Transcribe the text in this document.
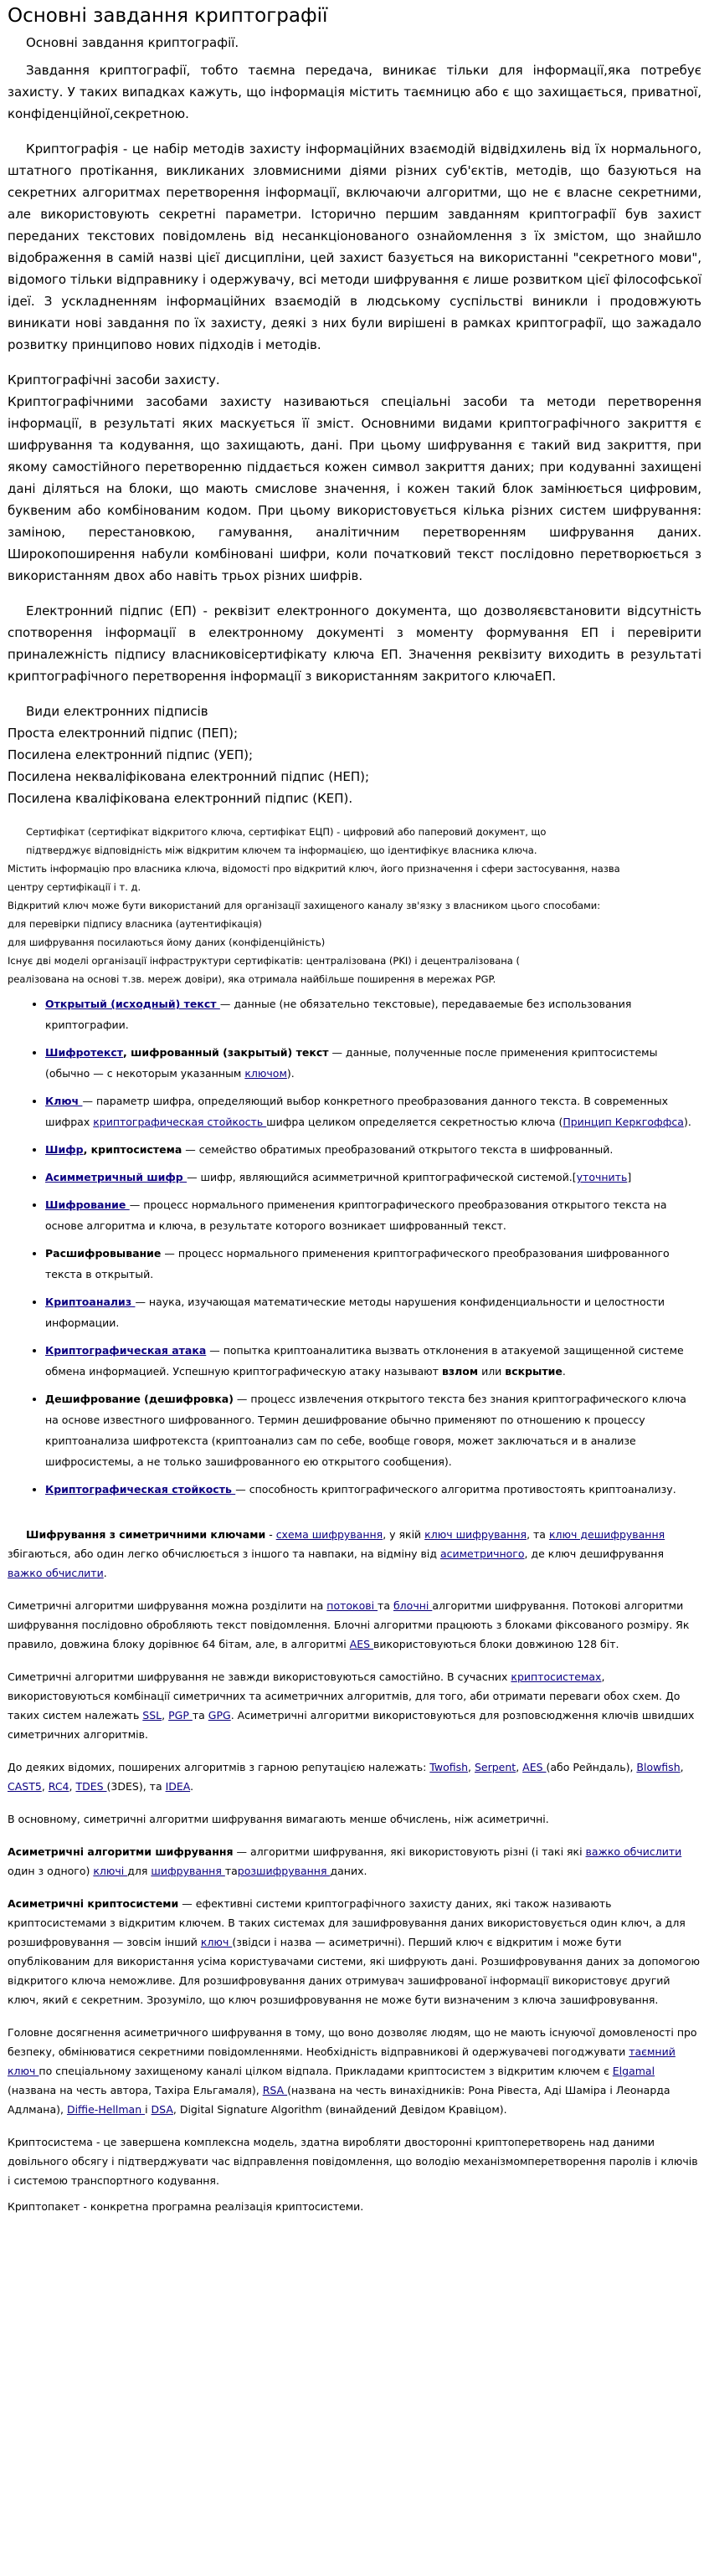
Основні завдання криптографії
Основні завдання криптографії.

Завдання криптографії, тобто таємна передача, виникає тільки для інформації,яка потребує захисту. У таких випадках кажуть, що інформація містить таємницю або є що захищається, приватної, конфіденційної,секретною.

Криптографія - це набір методів захисту інформаційних взаємодій відвідхилень від їх нормального, штатного протікання, викликаних зловмисними діями різних суб'єктів, методів, що базуються на секретних алгоритмах перетворення інформації, включаючи алгоритми, що не є власне секретними, але використовують секретні параметри. Історично першим завданням криптографії був захист переданих текстових повідомлень від несанкціонованого ознайомлення з їх змістом, що знайшло відображення в самій назві цієї дисципліни, цей захист базується на використанні "секретного мови", відомого тільки відправнику і одержувачу, всі методи шифрування є лише розвитком цієї філософської ідеї. З ускладненням інформаційних взаємодій в людському суспільстві виникли і продовжують виникати нові завдання по їх захисту, деякі з них були вирішені в рамках криптографії, що зажадало розвитку принципово нових підходів і методів.

Криптографічні засоби захисту.

Криптографічними засобами захисту називаються спеціальні засоби та методи перетворення інформації, в результаті яких маскується її зміст. Основними видами криптографічного закриття є шифрування та кодування, що захищають, дані. При цьому шифрування є такий вид закриття, при якому самостійного перетворенню піддається кожен символ закриття даних; при кодуванні захищені дані діляться на блоки, що мають смислове значення, і кожен такий блок замінюється цифровим, буквеним або комбінованим кодом. При цьому використовується кілька різних систем шифрування: заміною, перестановкою, гамування, аналітичним перетворенням шифрування даних. Широкопоширення набули комбіновані шифри, коли початковий текст послідовно перетворюється з використанням двох або навіть трьох різних шифрів.

Електронний підпис (ЕП) - реквізит електронного документа, що дозволяєвстановити відсутність спотворення інформації в електронному документі з моменту формування ЕП і перевірити приналежність підпису власниковісертифікату ключа ЕП. Значення реквізиту виходить в результаті криптографічного перетворення інформації з використанням закритого ключаЕП.

Види електронних підписів

Проста електронний підпис (ПЕП);

Посилена електронний підпис (УЕП);

Посилена некваліфікована електронний підпис (НЕП);

Посилена кваліфікована електронний підпис (КЕП).

Сертифікат (сертифікат відкритого ключа, сертифікат ЕЦП) - цифровий або паперовий документ, що

підтверджує відповідність між відкритим ключем та інформацією, що ідентифікує власника ключа.

Містить інформацію про власника ключа, відомості про відкритий ключ, його призначення і сфери застосування, назва

центру сертифікації і т. д.

Відкритий ключ може бути використаний для організації захищеного каналу зв'язку з власником цього способами:

для перевірки підпису власника (аутентифікація)

для шифрування посилаються йому даних (конфіденційність)

Існує дві моделі організації інфраструктури сертифікатів: централізована (PKI) і децентралізована (

реалізована на основі т.зв. мереж довіри), яка отримала найбільше поширення в мережах PGP.

• Открытый (исходный) текст — данные (не обязательно текстовые), передаваемые без использования криптографии.
• Шифротекст, шифрованный (закрытый) текст — данные, полученные после применения криптосистемы (обычно — с некоторым указанным ключом).
• Ключ — параметр шифра, определяющий выбор конкретного преобразования данного текста. В современных шифрах криптографическая стойкость шифра целиком определяется секретностью ключа (Принцип Керкгоффса).
• Шифр, криптосистема — семейство обратимых преобразований открытого текста в шифрованный.
• Асимметричный шифр — шифр, являющийся асимметричной криптографической системой.[уточнить]
• Шифрование — процесс нормального применения криптографического преобразования открытого текста на основе алгоритма и ключа, в результате которого возникает шифрованный текст.
• Расшифровывание — процесс нормального применения криптографического преобразования шифрованного текста в открытый.
• Криптоанализ — наука, изучающая математические методы нарушения конфиденциальности и целостности информации.
• Криптографическая атака — попытка криптоаналитика вызвать отклонения в атакуемой защищенной системе обмена информацией. Успешную криптографическую атаку называют взлом или вскрытие.
• Дешифрование (дешифровка) — процесс извлечения открытого текста без знания криптографического ключа на основе известного шифрованного. Термин дешифрование обычно применяют по отношению к процессу криптоанализа шифротекста (криптоанализ сам по себе, вообще говоря, может заключаться и в анализе шифросистемы, а не только зашифрованного ею открытого сообщения).
• Криптографическая стойкость — способность криптографического алгоритма противостоять криптоанализу.

Шифрування з симетричними ключами - схема шифрування, у якій ключ шифрування, та ключ дешифрування збігаються, або один легко обчислюється з іншого та навпаки, на відміну від асиметричного, де ключ дешифрування важко обчислити.

Симетричні алгоритми шифрування можна розділити на потокові та блочні алгоритми шифрування. Потокові алгоритми шифрування послідовно обробляють текст повідомлення. Блочні алгоритми працюють з блоками фіксованого розміру. Як правило, довжина блоку дорівнює 64 бітам, але, в алгоритмі AES використовуються блоки довжиною 128 біт.

Симетричні алгоритми шифрування не завжди використовуються самостійно. В сучасних криптосистемах, використовуються комбінації симетричних та асиметричних алгоритмів, для того, аби отримати переваги обох схем. До таких систем належать SSL, PGP та GPG. Асиметричні алгоритми використовуються для розповсюдження ключів швидших симетричних алгоритмів.

До деяких відомих, поширених алгоритмів з гарною репутацією належать: Twofish, Serpent, AES (або Рейндаль), Blowfish, CAST5, RC4, TDES (3DES), та IDEA.

В основному, симетричні алгоритми шифрування вимагають менше обчислень, ніж асиметричні.

Асиметричні алгоритми шифрування — алгоритми шифрування, які використовують різні (і такі які важко обчислити один з одного) ключі для шифрування тарозшифрування даних.

Асиметричні криптосистеми — ефективні системи криптографічного захисту даних, які також називають криптосистемами з відкритим ключем. В таких системах для зашифровування даних використовується один ключ, а для розшифровування — зовсім інший ключ (звідси і назва — асиметричні). Перший ключ є відкритим і може бути опублікованим для використання усіма користувачами системи, які шифрують дані. Розшифровування даних за допомогою відкритого ключа неможливе. Для розшифровування даних отримувач зашифрованої інформації використовує другий ключ, який є секретним. Зрозуміло, що ключ розшифровування не може бути визначеним з ключа зашифровування.

Головне досягнення асиметричного шифрування в тому, що воно дозволяє людям, що не мають існуючої домовленості про безпеку, обмінюватися секретними повідомленнями. Необхідність відправникові й одержувачеві погоджувати таємний ключ по спеціальному захищеному каналі цілком відпала. Прикладами криптосистем з відкритим ключем є Elgamal (названа на честь автора, Тахіра Ельгамаля), RSA (названа на честь винахідників: Рона Рівеста, Аді Шаміра і Леонарда Адлмана), Diffie-Hellman і DSA, Digital Signature Algorithm (винайдений Девідом Кравіцом).

Криптосистема - це завершена комплексна модель, здатна виробляти двосторонні криптоперетворень над даними довільного обсягу і підтверджувати час відправлення повідомлення, що володію механізмомперетворення паролів і ключів і системою транспортного кодування.

Криптопакет - конкретна програмна реалізація криптосистеми.
